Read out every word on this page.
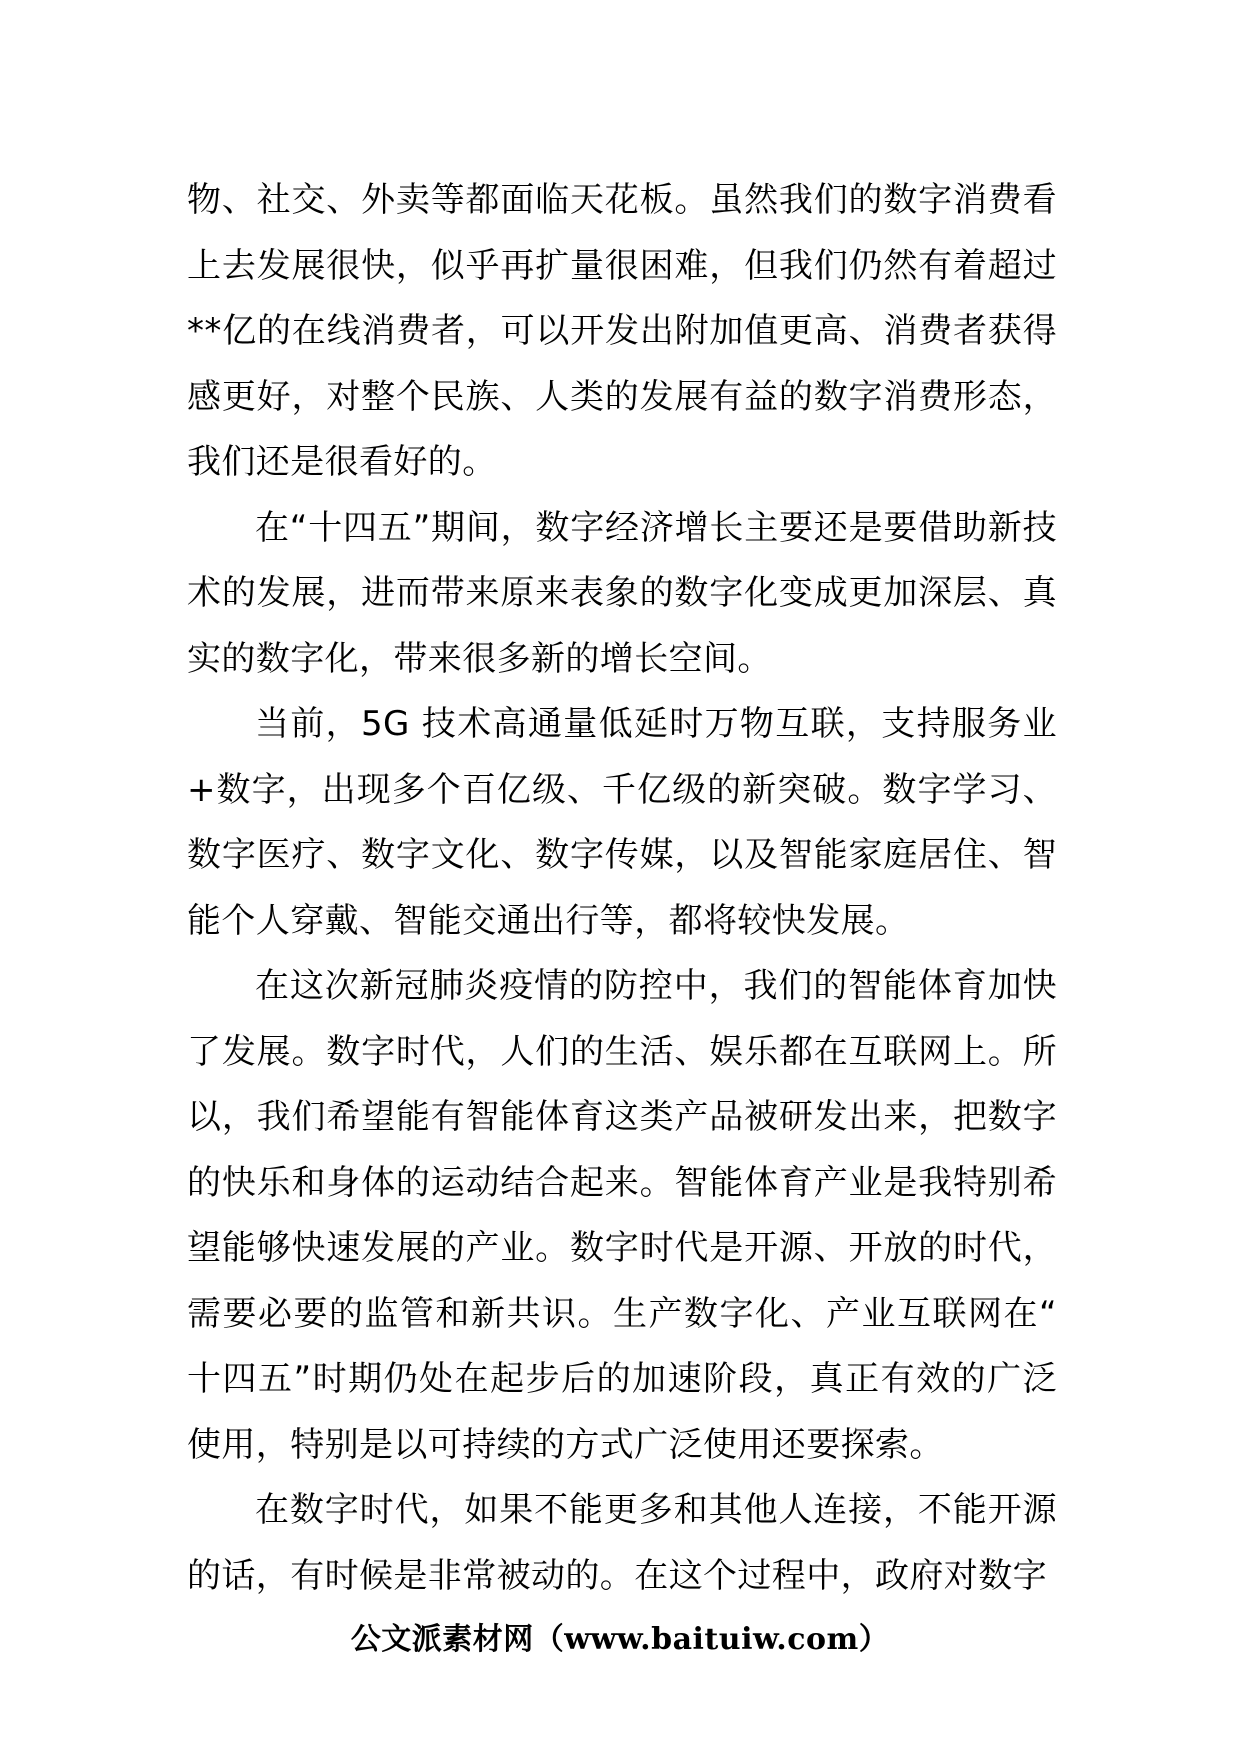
物、社交、外卖等都面临天花板。虽然我们的数字消费看上去发展很快，似乎再扩量很困难，但我们仍然有着超过**亿的在线消费者，可以开发出附加值更高、消费者获得感更好，对整个民族、人类的发展有益的数字消费形态，我们还是很看好的。

在“十四五”期间，数字经济增长主要还是要借助新技术的发展，进而带来原来表象的数字化变成更加深层、真实的数字化，带来很多新的增长空间。

当前，5G 技术高通量低延时万物互联，支持服务业+数字，出现多个百亿级、千亿级的新突破。数字学习、数字医疗、数字文化、数字传媒，以及智能家庭居住、智能个人穿戴、智能交通出行等，都将较快发展。

在这次新冠肺炎疫情的防控中，我们的智能体育加快了发展。数字时代，人们的生活、娱乐都在互联网上。所以，我们希望能有智能体育这类产品被研发出来，把数字的快乐和身体的运动结合起来。智能体育产业是我特别希望能够快速发展的产业。数字时代是开源、开放的时代，需要必要的监管和新共识。生产数字化、产业互联网在“十四五”时期仍处在起步后的加速阶段，真正有效的广泛使用，特别是以可持续的方式广泛使用还要探索。

在数字时代，如果不能更多和其他人连接，不能开源的话，有时候是非常被动的。在这个过程中，政府对数字

公文派素材网（www.baituiw.com）
